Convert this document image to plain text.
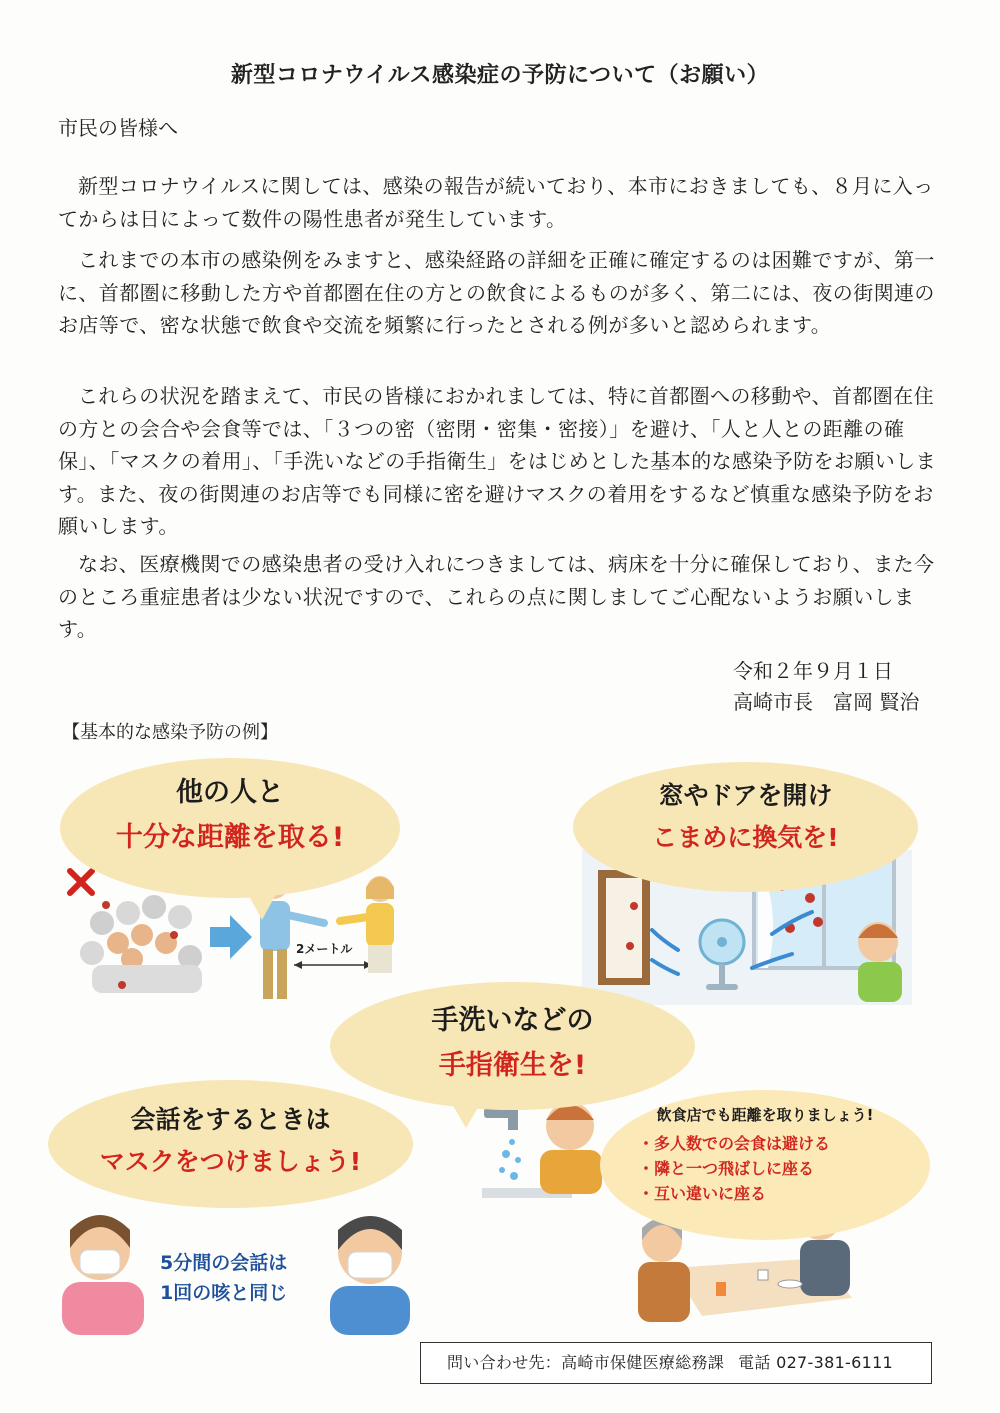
新型コロナウイルス感染症の予防について（お願い）
市民の皆様へ

新型コロナウイルスに関しては、感染の報告が続いており、本市におきましても、８月に入ってからは日によって数件の陽性患者が発生しています。

これまでの本市の感染例をみますと、感染経路の詳細を正確に確定するのは困難ですが、第一に、首都圏に移動した方や首都圏在住の方との飲食によるものが多く、第二には、夜の街関連のお店等で、密な状態で飲食や交流を頻繁に行ったとされる例が多いと認められます。

これらの状況を踏まえて、市民の皆様におかれましては、特に首都圏への移動や、首都圏在住の方との会合や会食等では、「３つの密（密閉・密集・密接）」を避け、「人と人との距離の確保」、「マスクの着用」、「手洗いなどの手指衛生」をはじめとした基本的な感染予防をお願いします。また、夜の街関連のお店等でも同様に密を避けマスクの着用をするなど慎重な感染予防をお願いします。

なお、医療機関での感染患者の受け入れにつきましては、病床を十分に確保しており、また今のところ重症患者は少ない状況ですので、これらの点に関しましてご心配ないようお願いします。

令和２年９月１日
高崎市長　富岡 賢治
【基本的な感染予防の例】
2メートル
5分間の会話は
1回の咳と同じ
他の人と
十分な距離を取る!
窓やドアを開け
こまめに換気を!
手洗いなどの
手指衛生を!
会話をするときは
マスクをつけましょう!
飲食店でも距離を取りましょう!
・多人数での会食は避ける
・隣と一つ飛ばしに座る
・互い違いに座る
問い合わせ先：高崎市保健医療総務課 電話 027-381-6111
